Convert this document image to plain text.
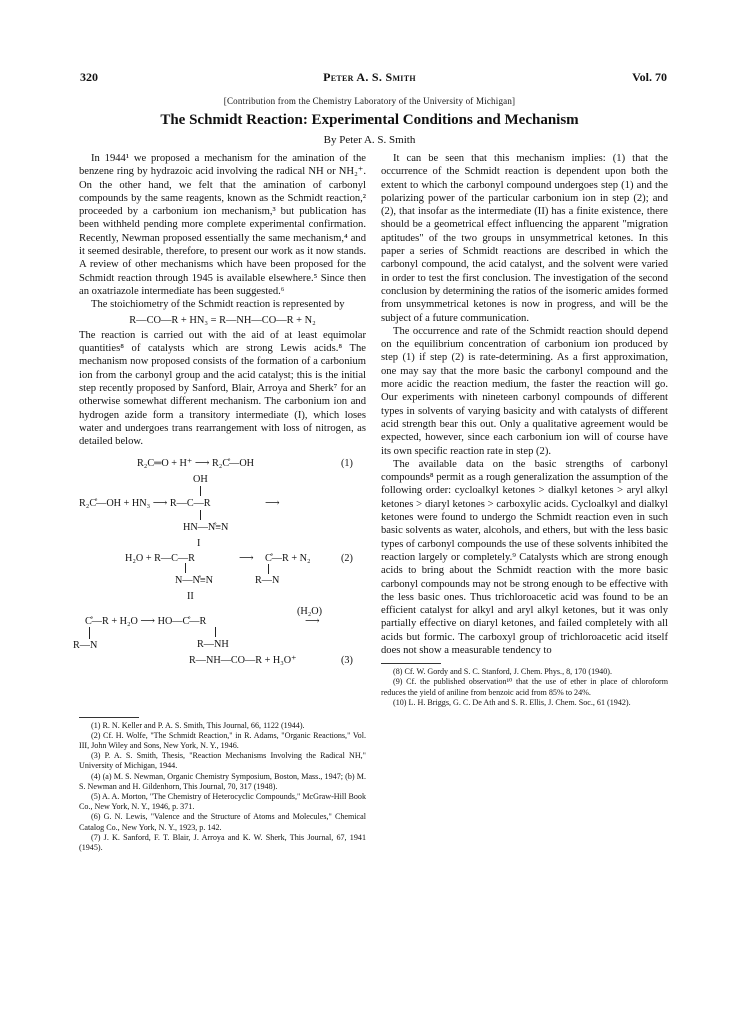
320	Peter A. S. Smith	Vol. 70
[Contribution from the Chemistry Laboratory of the University of Michigan]
The Schmidt Reaction: Experimental Conditions and Mechanism
By Peter A. S. Smith

In 1944¹ we proposed a mechanism for the amination of the benzene ring by hydrazoic acid involving the radical NH or NH₂⁺. On the other hand, we felt that the amination of carbonyl compounds by the same reagents, known as the Schmidt reaction,² proceeded by a carbonium ion mechanism,³ but publication has been withheld pending more complete experimental confirmation. Recently, Newman proposed essentially the same mechanism,⁴ and it seemed desirable, therefore, to present our work as it now stands. A review of other mechanisms which have been proposed for the Schmidt reaction through 1945 is available elsewhere.⁵ Since then an oxatriazole intermediate has been suggested.⁶

The stoichiometry of the Schmidt reaction is represented by

R—CO—R + HN₃ = R—NH—CO—R + N₂

The reaction is carried out with the aid of at least equimolar quantities⁸ of catalysts which are strong Lewis acids.⁸ The mechanism now proposed consists of the formation of a carbonium ion from the carbonyl group and the acid catalyst; this is the initial step recently proposed by Sanford, Blair, Arroya and Sherk⁷ for an otherwise somewhat different mechanism. The carbonium ion and hydrogen azide form a transitory intermediate (I), which loses water and undergoes trans rearrangement with loss of nitrogen, as detailed below.

R₂C═O + H⁺ ⟶ R₂C̊—OH	(1)
OH
R₂C̊—OH + HN₃ ⟶ R—C—R	⟶
HN—N̊≡N
I
H₂O + R—C—R	⟶ C̊—R + N₂	(2)
N—N̊≡N	R—N
II
C̊—R + H₂O ⟶ HO—C̊—R
(H₂O)
⟶
R—N	R—NH
R—NH—CO—R + H₃O⁺	(3)

(1) R. N. Keller and P. A. S. Smith, This Journal, 66, 1122 (1944).

(2) Cf. H. Wolfe, "The Schmidt Reaction," in R. Adams, "Organic Reactions," Vol. III, John Wiley and Sons, New York, N. Y., 1946.

(3) P. A. S. Smith, Thesis, "Reaction Mechanisms Involving the Radical NH," University of Michigan, 1944.

(4) (a) M. S. Newman, Organic Chemistry Symposium, Boston, Mass., 1947; (b) M. S. Newman and H. Gildenhorn, This Journal, 70, 317 (1948).

(5) A. A. Morton, "The Chemistry of Heterocyclic Compounds," McGraw-Hill Book Co., New York, N. Y., 1946, p. 371.

(6) G. N. Lewis, "Valence and the Structure of Atoms and Molecules," Chemical Catalog Co., New York, N. Y., 1923, p. 142.

(7) J. K. Sanford, F. T. Blair, J. Arroya and K. W. Sherk, This Journal, 67, 1941 (1945).

It can be seen that this mechanism implies: (1) that the occurrence of the Schmidt reaction is dependent upon both the extent to which the carbonyl compound undergoes step (1) and the polarizing power of the particular carbonium ion in step (2); and (2), that insofar as the intermediate (II) has a finite existence, there should be a geometrical effect influencing the apparent "migration aptitudes" of the two groups in unsymmetrical ketones. In this paper a series of Schmidt reactions are described in which the carbonyl compound, the acid catalyst, and the solvent were varied in order to test the first conclusion. The investigation of the second conclusion by determining the ratios of the isomeric amides formed from unsymmetrical ketones is now in progress, and will be the subject of a future communication.

The occurrence and rate of the Schmidt reaction should depend on the equilibrium concentration of carbonium ion produced by step (1) if step (2) is rate-determining. As a first approximation, one may say that the more basic the carbonyl compound and the more acidic the reaction medium, the faster the reaction will go. Our experiments with nineteen carbonyl compounds of different types in solvents of varying basicity and with catalysts of different acid strength bear this out. Only a qualitative agreement would be expected, however, since each carbonium ion will of course have its own specific reaction rate in step (2).

The available data on the basic strengths of carbonyl compounds⁸ permit as a rough generalization the assumption of the following order: cycloalkyl ketones > dialkyl ketones > aryl alkyl ketones > diaryl ketones > carboxylic acids. Cycloalkyl and dialkyl ketones were found to undergo the Schmidt reaction even in such basic solvents as water, alcohols, and ethers, but with the less basic types of carbonyl compounds the use of these solvents inhibited the reaction largely or completely.⁹ Catalysts which are strong enough acids to bring about the Schmidt reaction with the more basic carbonyl compounds may not be strong enough to be effective with the less basic ones. Thus trichloroacetic acid was found to be an efficient catalyst for alkyl and aryl alkyl ketones, but it was only partially effective on diaryl ketones, and failed completely with all acids but formic. The carboxyl group of trichloroacetic acid itself does not show a measurable tendency to

(8) Cf. W. Gordy and S. C. Stanford, J. Chem. Phys., 8, 170 (1940).

(9) Cf. the published observation¹⁰ that the use of ether in place of chloroform reduces the yield of aniline from benzoic acid from 85% to 24%.

(10) L. H. Briggs, G. C. De Ath and S. R. Ellis, J. Chem. Soc., 61 (1942).
